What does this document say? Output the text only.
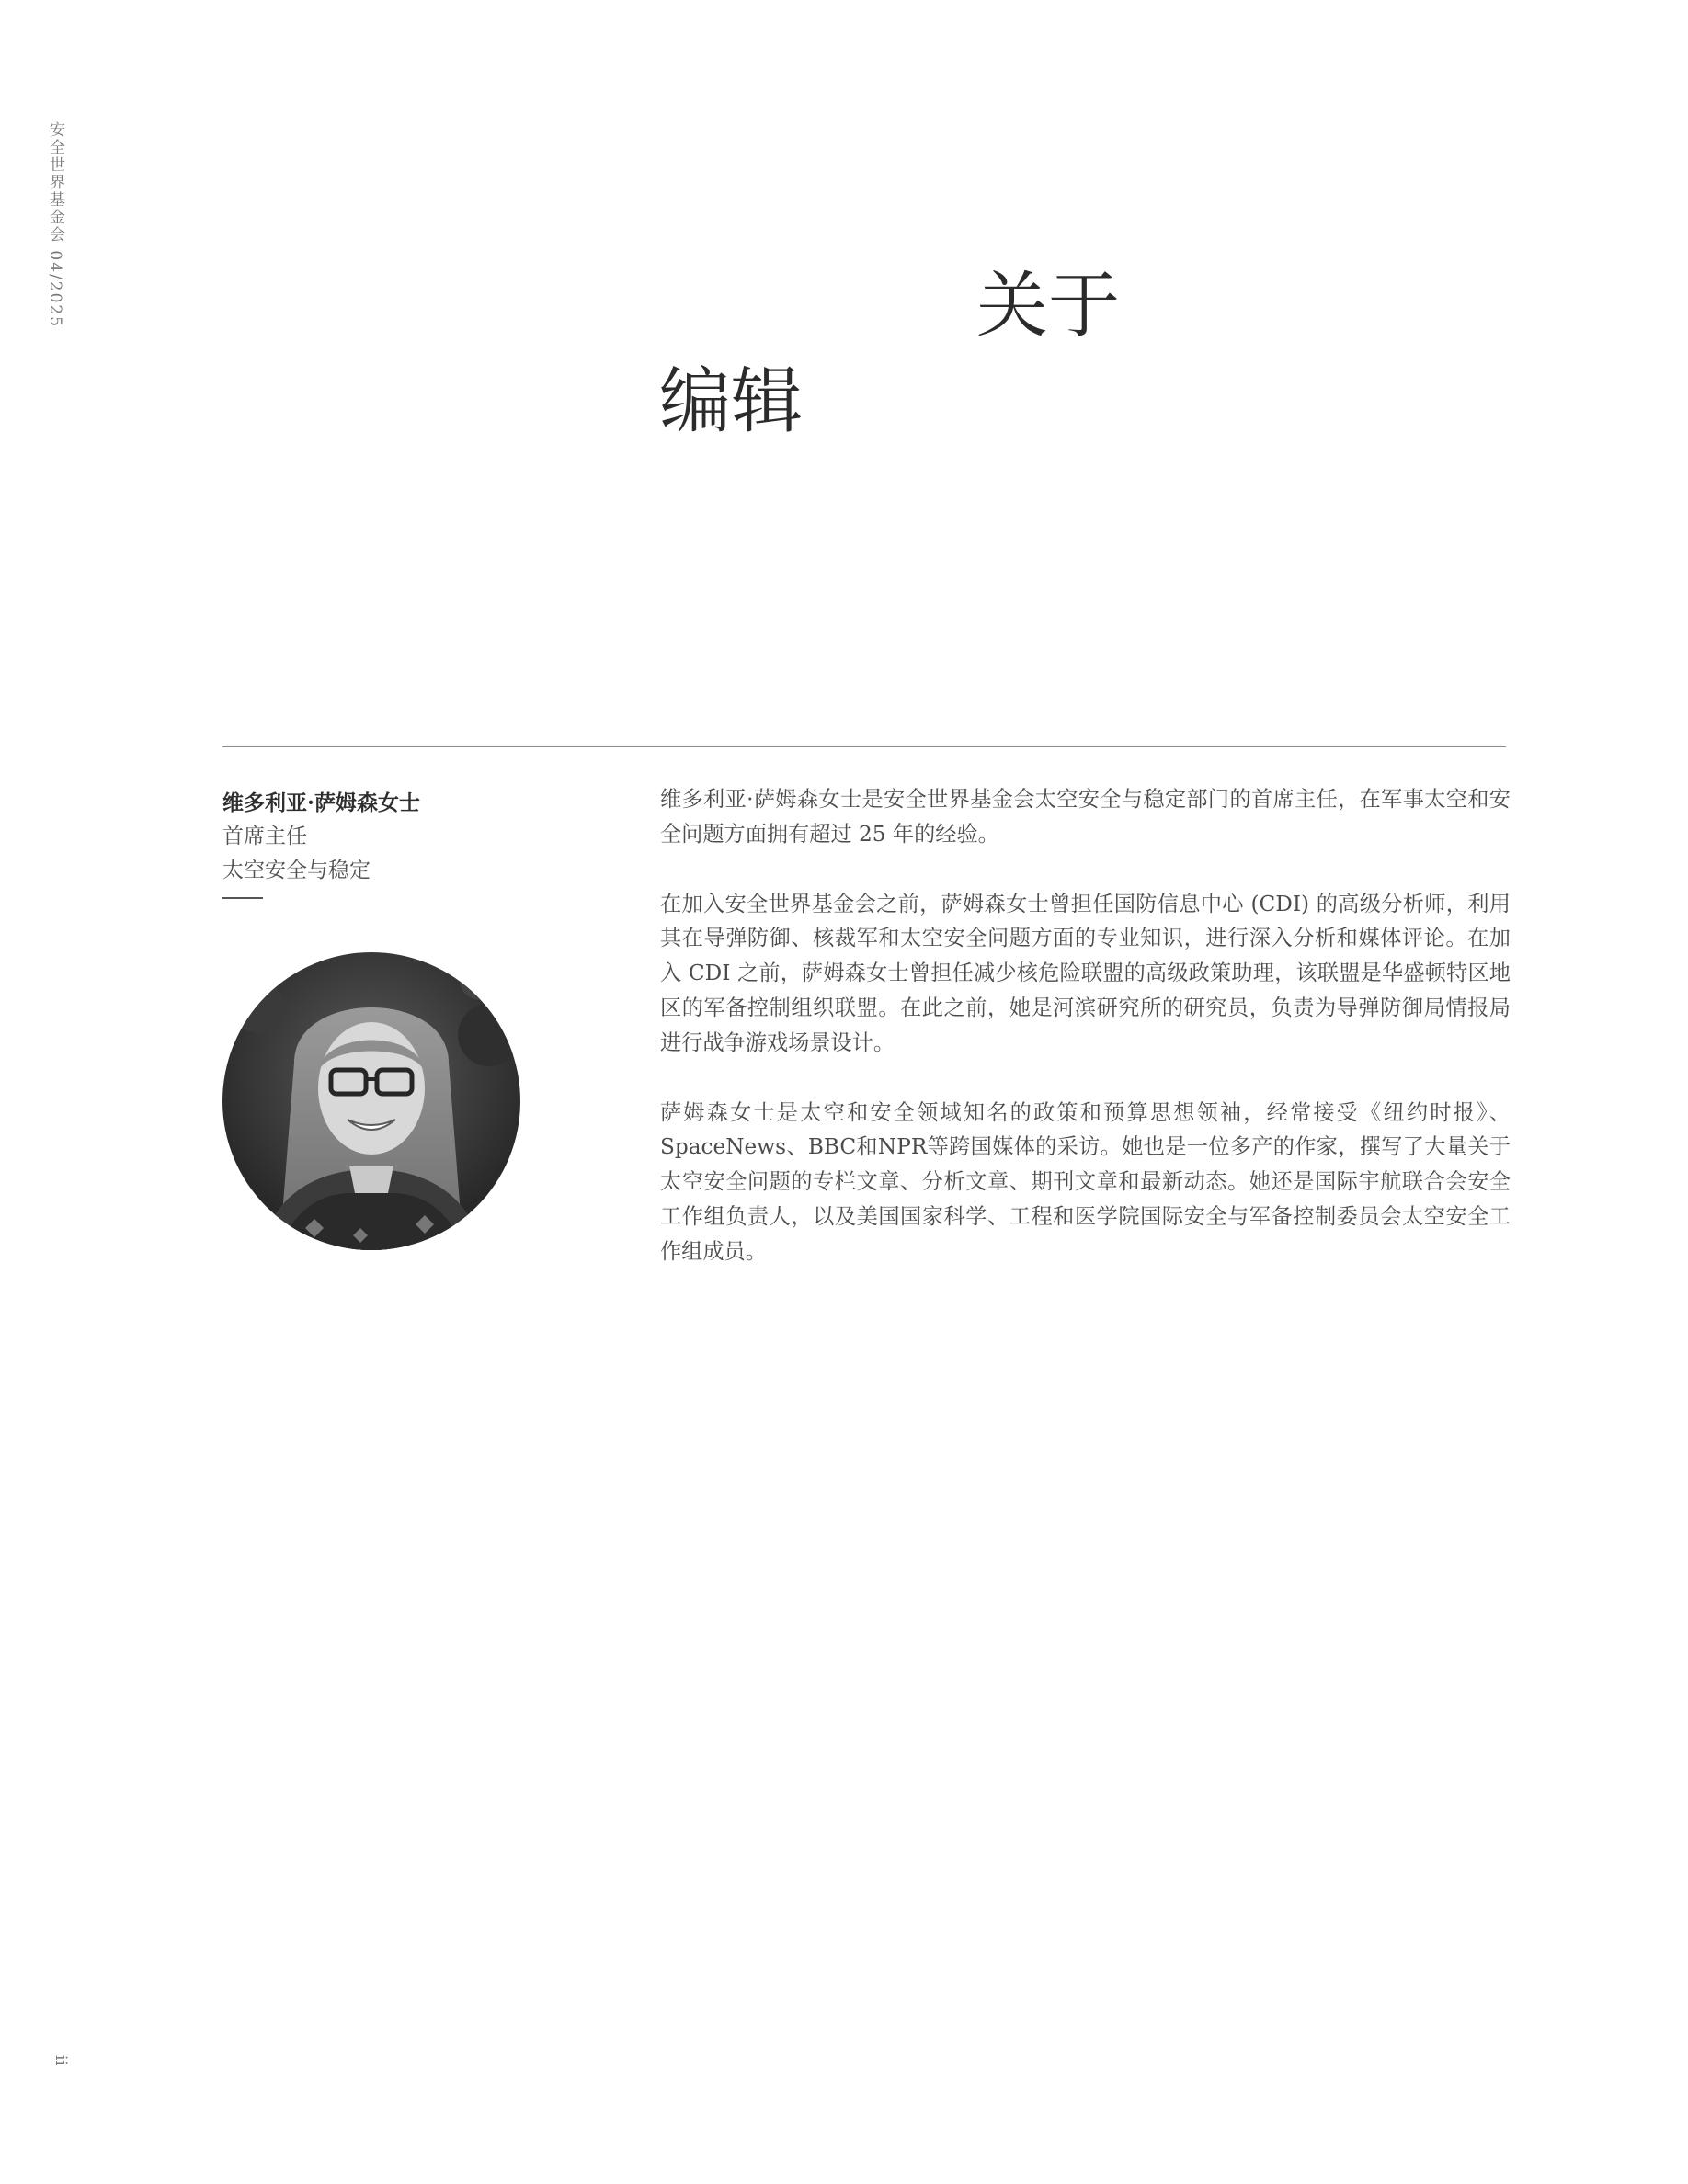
安全世界基金会 04/2025
ii
关于
编辑
维多利亚·萨姆森女士
首席主任
太空安全与稳定

维多利亚·萨姆森女士是安全世界基金会太空安全与稳定部门的首席主任，在军事太空和安全问题方面拥有超过 25 年的经验。

在加入安全世界基金会之前，萨姆森女士曾担任国防信息中心 (CDI) 的高级分析师，利用其在导弹防御、核裁军和太空安全问题方面的专业知识，进行深入分析和媒体评论。在加入 CDI 之前，萨姆森女士曾担任减少核危险联盟的高级政策助理，该联盟是华盛顿特区地区的军备控制组织联盟。在此之前，她是河滨研究所的研究员，负责为导弹防御局情报局进行战争游戏场景设计。

萨姆森女士是太空和安全领域知名的政策和预算思想领袖，经常接受《纽约时报》、SpaceNews、BBC和NPR等跨国媒体的采访。她也是一位多产的作家，撰写了大量关于太空安全问题的专栏文章、分析文章、期刊文章和最新动态。她还是国际宇航联合会安全工作组负责人，以及美国国家科学、工程和医学院国际安全与军备控制委员会太空安全工作组成员。
